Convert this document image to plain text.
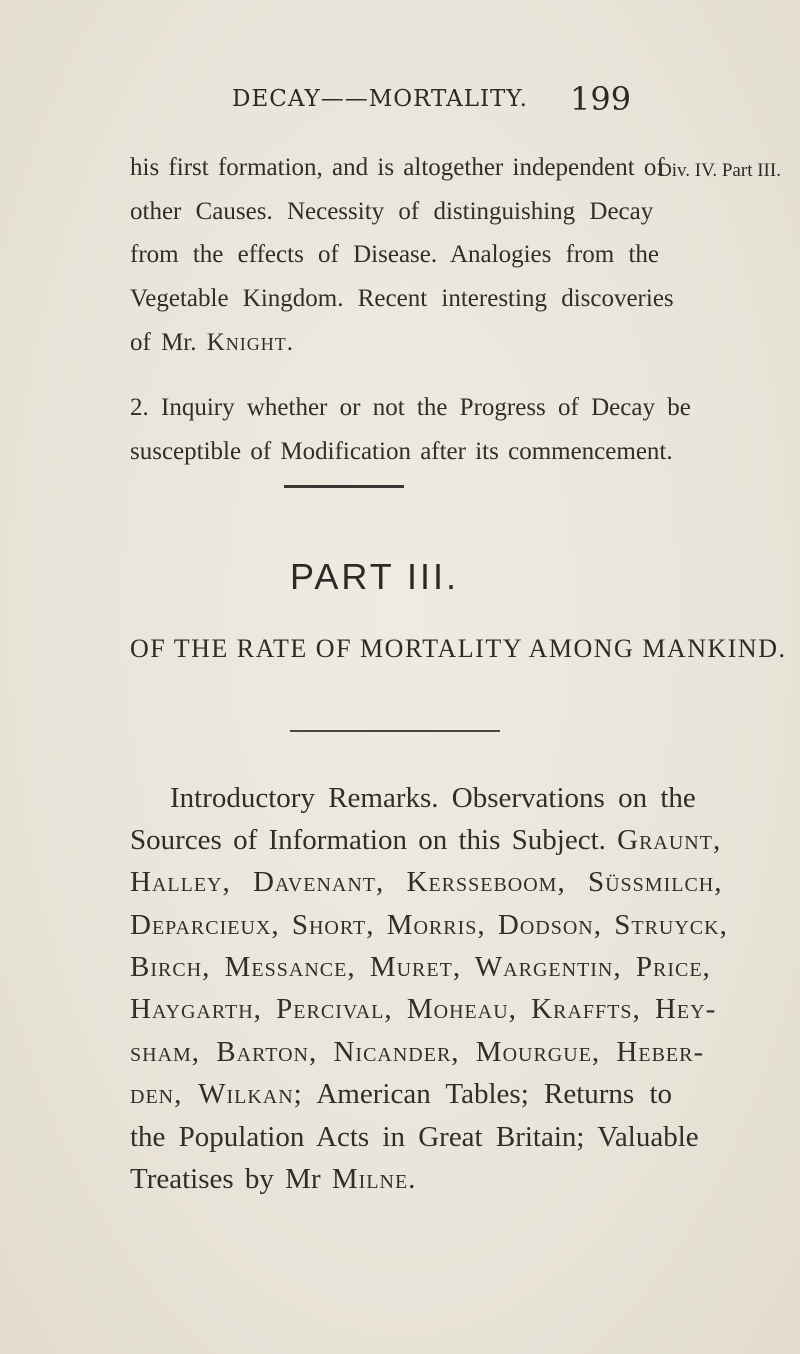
DECAY——MORTALITY. 199
Div. IV. Part III.
his first formation, and is altogether independent of
other Causes. Necessity of distinguishing Decay
from the effects of Disease. Analogies from the
Vegetable Kingdom. Recent interesting discoveries
of Mr. Knight.
2. Inquiry whether or not the Progress of Decay be
susceptible of Modification after its commencement.
PART III.
OF THE RATE OF MORTALITY AMONG MANKIND.
Introductory Remarks. Observations on the
Sources of Information on this Subject. Graunt,
Halley, Davenant, Kersseboom, Süssmilch,
Deparcieux, Short, Morris, Dodson, Struyck,
Birch, Messance, Muret, Wargentin, Price,
Haygarth, Percival, Moheau, Kraffts, Hey-
sham, Barton, Nicander, Mourgue, Heber-
den, Wilkan; American Tables; Returns to
the Population Acts in Great Britain; Valuable
Treatises by Mr Milne.
